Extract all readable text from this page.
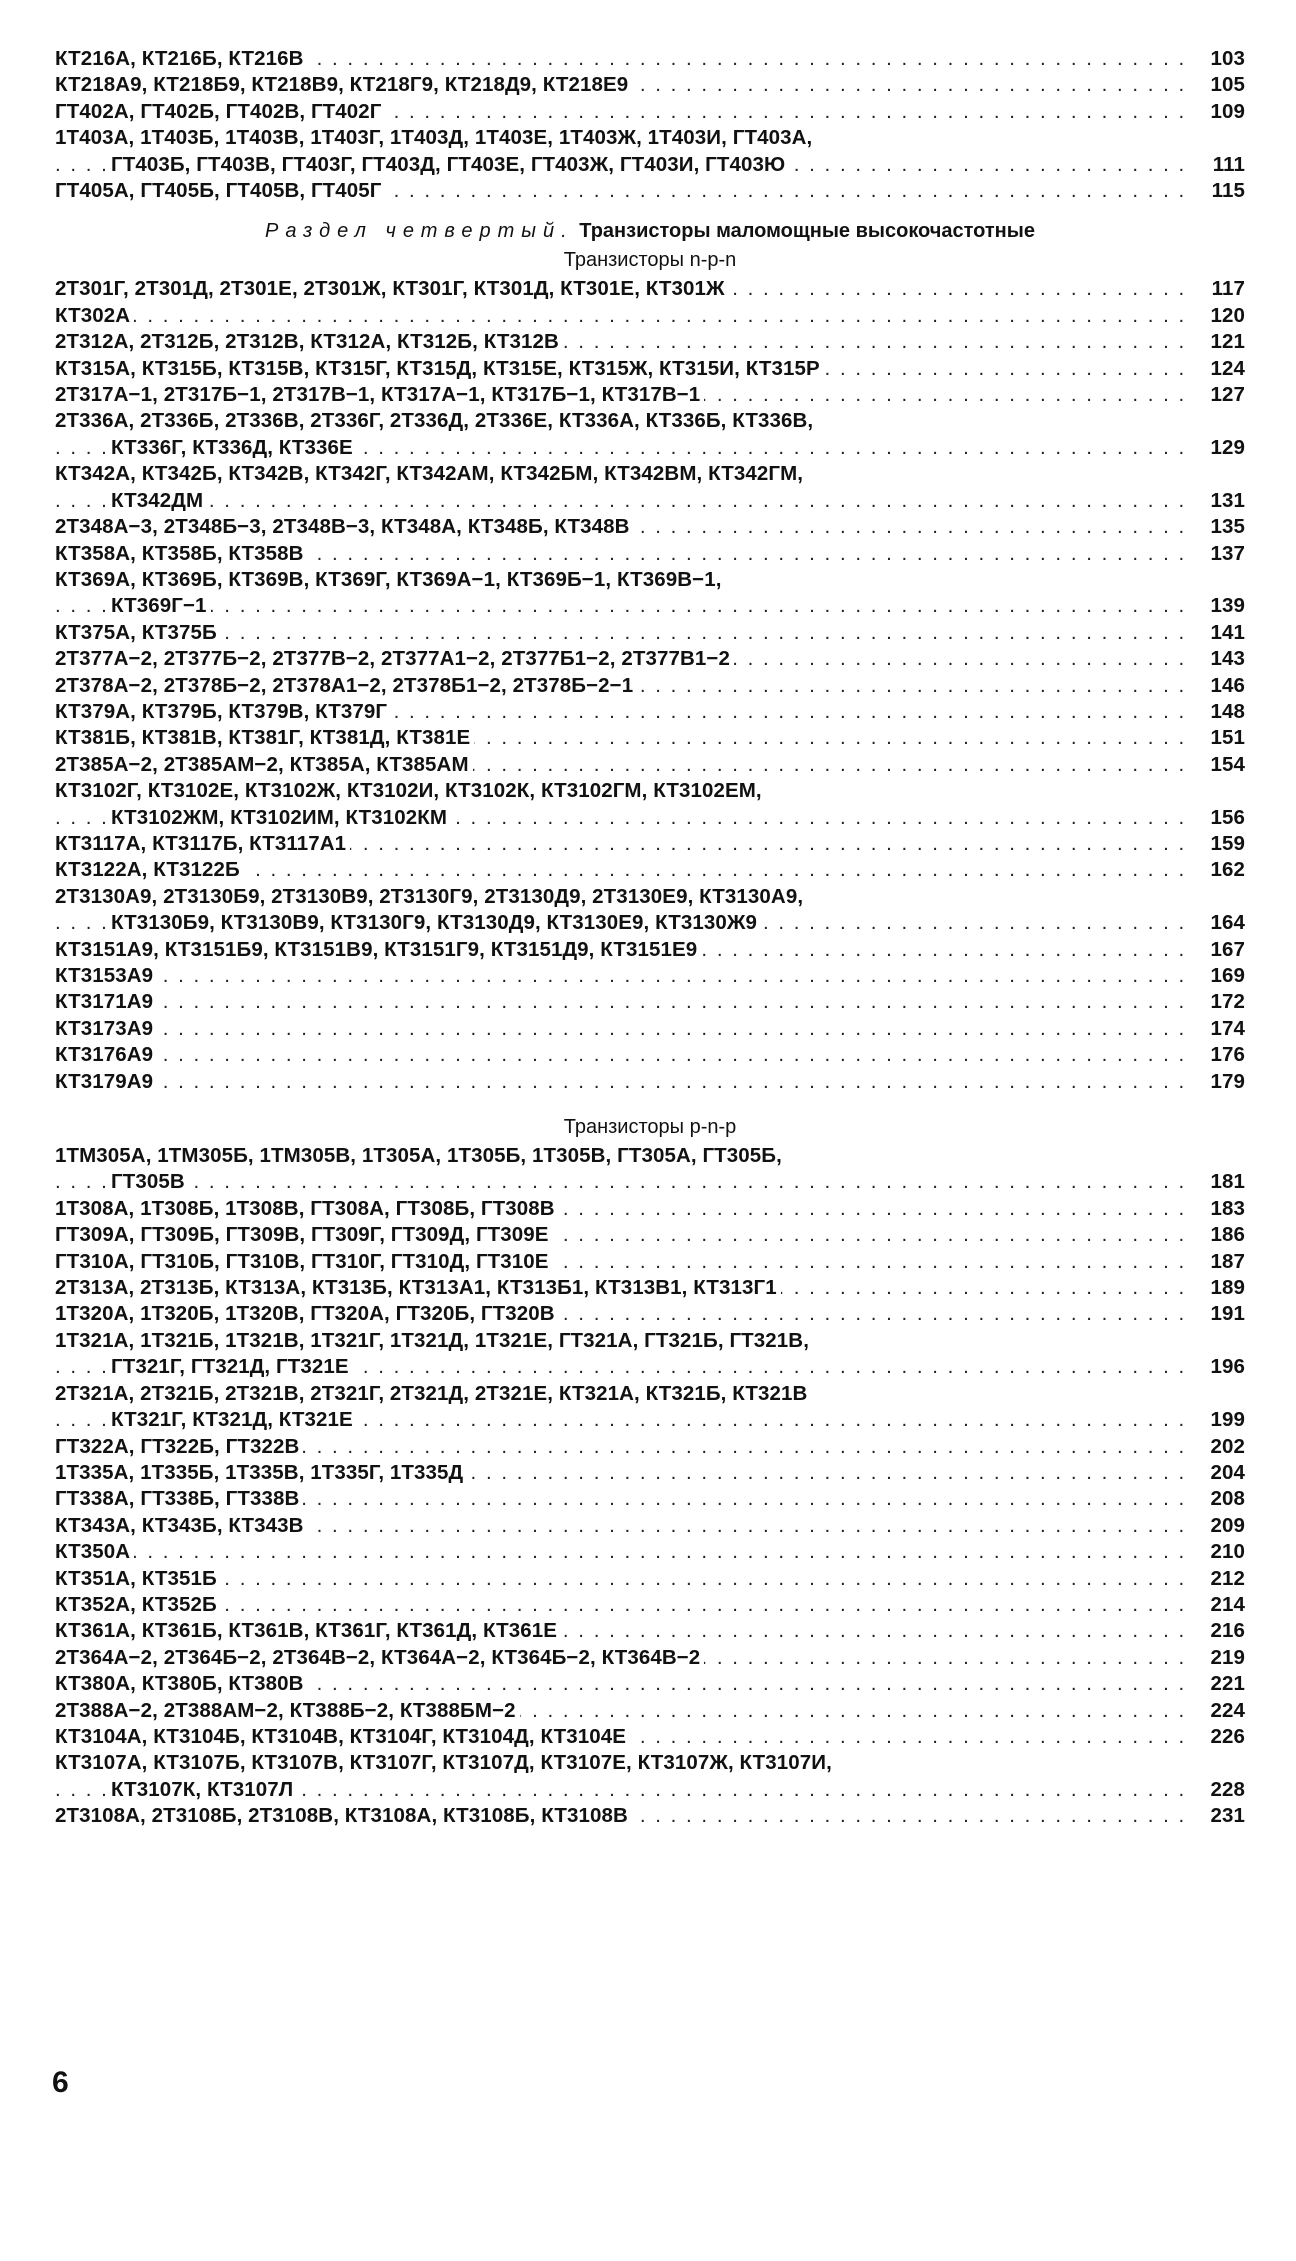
КТ216А, КТ216Б, КТ216В . . .	103
КТ218А9, КТ218Б9, КТ218В9, КТ218Г9, КТ218Д9, КТ218Е9 . . .	105
ГТ402А, ГТ402Б, ГТ402В, ГТ402Г . . .	109
1Т403А, 1Т403Б, 1Т403В, 1Т403Г, 1Т403Д, 1Т403Е, 1Т403Ж, 1Т403И, ГТ403А,
ГТ403Б, ГТ403В, ГТ403Г, ГТ403Д, ГТ403Е, ГТ403Ж, ГТ403И, ГТ403Ю . . .	111
ГТ405А, ГТ405Б, ГТ405В, ГТ405Г . . .	115
Раздел четвертый. Транзисторы маломощные высокочастотные
Транзисторы n-p-n
2Т301Г, 2Т301Д, 2Т301Е, 2Т301Ж, КТ301Г, КТ301Д, КТ301Е, КТ301Ж . . .	117
КТ302А . . .	120
2Т312А, 2Т312Б, 2Т312В, КТ312А, КТ312Б, КТ312В . . .	121
КТ315А, КТ315Б, КТ315В, КТ315Г, КТ315Д, КТ315Е, КТ315Ж, КТ315И, КТ315Р . . .	124
2Т317А−1, 2Т317Б−1, 2Т317В−1, КТ317А−1, КТ317Б−1, КТ317В−1 . . .	127
2Т336А, 2Т336Б, 2Т336В, 2Т336Г, 2Т336Д, 2Т336Е, КТ336А, КТ336Б, КТ336В,
КТ336Г, КТ336Д, КТ336Е . . .	129
КТ342А, КТ342Б, КТ342В, КТ342Г, КТ342АМ, КТ342БМ, КТ342ВМ, КТ342ГМ,
КТ342ДМ . . .	131
2Т348А−3, 2Т348Б−3, 2Т348В−3, КТ348А, КТ348Б, КТ348В . . .	135
КТ358А, КТ358Б, КТ358В . . .	137
КТ369А, КТ369Б, КТ369В, КТ369Г, КТ369А−1, КТ369Б−1, КТ369В−1,
КТ369Г−1 . . .	139
КТ375А, КТ375Б . . .	141
2Т377А−2, 2Т377Б−2, 2Т377В−2, 2Т377А1−2, 2Т377Б1−2, 2Т377В1−2 . . .	143
2Т378А−2, 2Т378Б−2, 2Т378А1−2, 2Т378Б1−2, 2Т378Б−2−1 . . .	146
КТ379А, КТ379Б, КТ379В, КТ379Г . . .	148
КТ381Б, КТ381В, КТ381Г, КТ381Д, КТ381Е . . .	151
2Т385А−2, 2Т385АМ−2, КТ385А, КТ385АМ . . .	154
КТ3102Г, КТ3102Е, КТ3102Ж, КТ3102И, КТ3102К, КТ3102ГМ, КТ3102ЕМ,
КТ3102ЖМ, КТ3102ИМ, КТ3102КМ . . .	156
КТ3117А, КТ3117Б, КТ3117А1 . . .	159
КТ3122А, КТ3122Б . . .	162
2Т3130А9, 2Т3130Б9, 2Т3130В9, 2Т3130Г9, 2Т3130Д9, 2Т3130Е9, КТ3130А9,
КТ3130Б9, КТ3130В9, КТ3130Г9, КТ3130Д9, КТ3130Е9, КТ3130Ж9 . . .	164
КТ3151А9, КТ3151Б9, КТ3151В9, КТ3151Г9, КТ3151Д9, КТ3151Е9 . . .	167
КТ3153А9 . . .	169
КТ3171А9 . . .	172
КТ3173А9 . . .	174
КТ3176А9 . . .	176
КТ3179А9 . . .	179
Транзисторы p-n-p
1ТМ305А, 1ТМ305Б, 1ТМ305В, 1Т305А, 1Т305Б, 1Т305В, ГТ305А, ГТ305Б,
ГТ305В . . .	181
1Т308А, 1Т308Б, 1Т308В, ГТ308А, ГТ308Б, ГТ308В . . .	183
ГТ309А, ГТ309Б, ГТ309В, ГТ309Г, ГТ309Д, ГТ309Е . . .	186
ГТ310А, ГТ310Б, ГТ310В, ГТ310Г, ГТ310Д, ГТ310Е . . .	187
2Т313А, 2Т313Б, КТ313А, КТ313Б, КТ313А1, КТ313Б1, КТ313В1, КТ313Г1 . . .	189
1Т320А, 1Т320Б, 1Т320В, ГТ320А, ГТ320Б, ГТ320В . . .	191
1Т321А, 1Т321Б, 1Т321В, 1Т321Г, 1Т321Д, 1Т321Е, ГТ321А, ГТ321Б, ГТ321В,
ГТ321Г, ГТ321Д, ГТ321Е . . .	196
2Т321А, 2Т321Б, 2Т321В, 2Т321Г, 2Т321Д, 2Т321Е, КТ321А, КТ321Б, КТ321В
КТ321Г, КТ321Д, КТ321Е . . .	199
ГТ322А, ГТ322Б, ГТ322В . . .	202
1Т335А, 1Т335Б, 1Т335В, 1Т335Г, 1Т335Д . . .	204
ГТ338А, ГТ338Б, ГТ338В . . .	208
КТ343А, КТ343Б, КТ343В . . .	209
КТ350А . . .	210
КТ351А, КТ351Б . . .	212
КТ352А, КТ352Б . . .	214
КТ361А, КТ361Б, КТ361В, КТ361Г, КТ361Д, КТ361Е . . .	216
2Т364А−2, 2Т364Б−2, 2Т364В−2, КТ364А−2, КТ364Б−2, КТ364В−2 . . .	219
КТ380А, КТ380Б, КТ380В . . .	221
2Т388А−2, 2Т388АМ−2, КТ388Б−2, КТ388БМ−2 . . .	224
КТ3104А, КТ3104Б, КТ3104В, КТ3104Г, КТ3104Д, КТ3104Е . . .	226
КТ3107А, КТ3107Б, КТ3107В, КТ3107Г, КТ3107Д, КТ3107Е, КТ3107Ж, КТ3107И,
КТ3107К, КТ3107Л . . .	228
2Т3108А, 2Т3108Б, 2Т3108В, КТ3108А, КТ3108Б, КТ3108В . . .	231
6
